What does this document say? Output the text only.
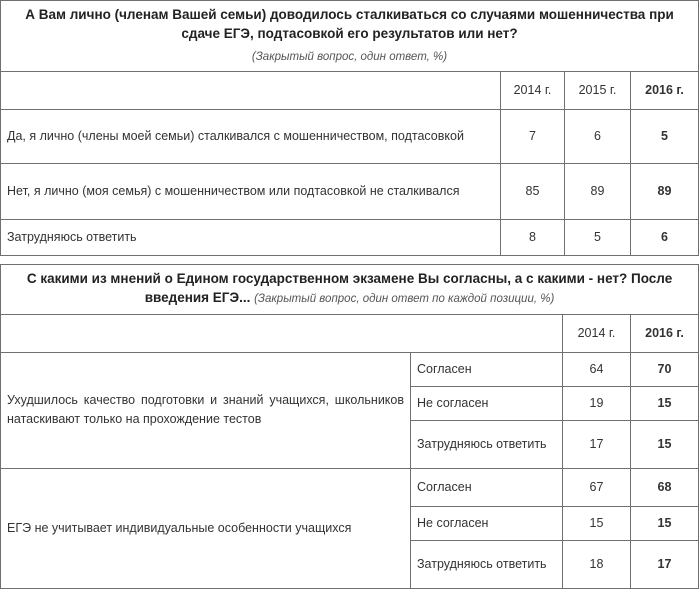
А Вам лично (членам Вашей семьи) доводилось сталкиваться со случаями мошенничества при сдаче ЕГЭ, подтасовкой его результатов или нет?			
(Закрытый вопрос, один ответ, %)			
	2014 г.	2015 г.	2016 г.
Да, я лично (члены моей семьи) сталкивался с мошенничеством, подтасовкой	7	6	5
Нет, я лично (моя семья) с мошенничеством или подтасовкой не сталкивался	85	89	89
Затрудняюсь ответить	8	5	6
С какими из мнений о Едином государственном экзамене Вы согласны, а с какими - нет? После введения ЕГЭ... (Закрытый вопрос, один ответ по каждой позиции, %)			
		2014 г.	2016 г.
Ухудшилось качество подготовки и знаний учащихся, школьников натаскивают только на прохождение тестов	Согласен	64	70
	Не согласен	19	15
	Затрудняюсь ответить	17	15
ЕГЭ не учитывает индивидуальные особенности учащихся	Согласен	67	68
	Не согласен	15	15
	Затрудняюсь ответить	18	17
